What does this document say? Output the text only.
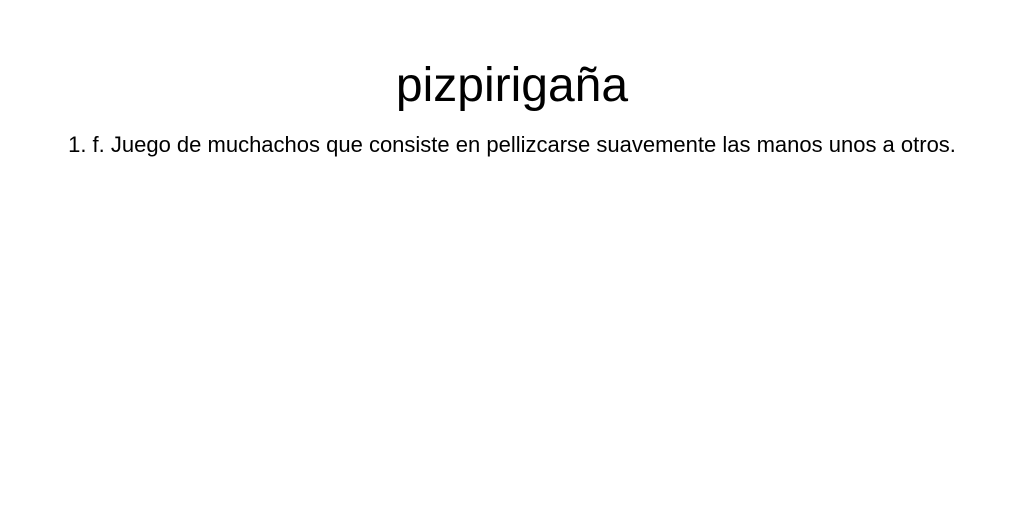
pizpirigaña

1. f. Juego de muchachos que consiste en pellizcarse suavemente las manos unos a otros.
